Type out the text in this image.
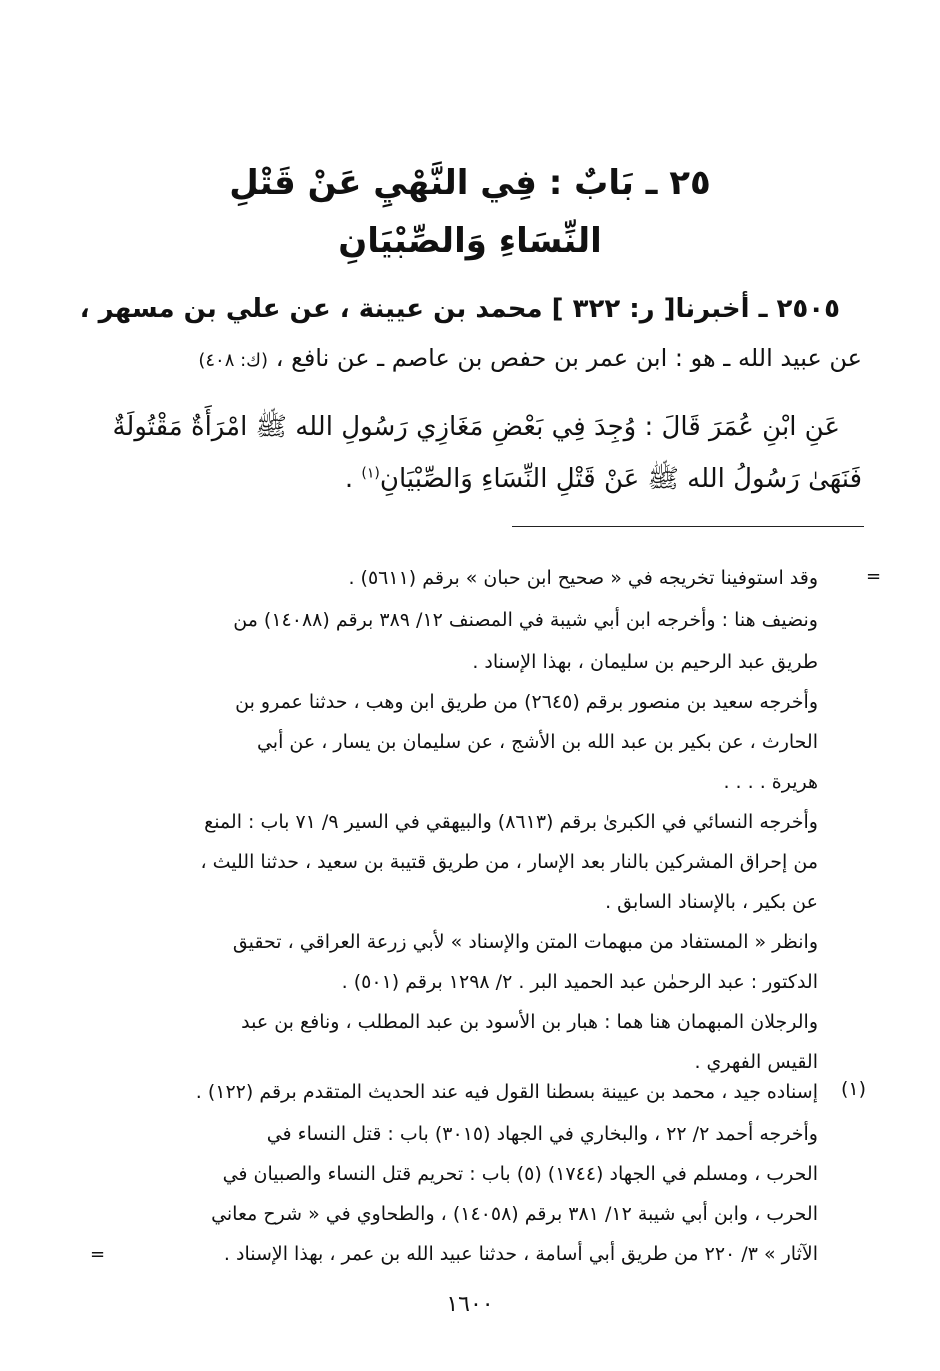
٢٥ ـ بَابٌ : فِي النَّهْيِ عَنْ قَتْلِ
النِّسَاءِ وَالصِّبْيَانِ
٢٥٠٥ ـ أخبرنا[ ر: ٣٢٢ ] محمد بن عيينة ، عن علي بن مسهر ،
عن عبيد الله ـ هو : ابن عمر بن حفص بن عاصم ـ عن نافع ، (ك: ٤٠٨)
عَنِ ابْنِ عُمَرَ قَالَ : وُجِدَ فِي بَعْضِ مَغَازِي رَسُولِ الله ﷺ امْرَأَةٌ مَقْتُولَةٌ
فَنَهَىٰ رَسُولُ الله ﷺ عَنْ قَتْلِ النِّسَاءِ وَالصِّبْيَانِ$^{(١)}$ .
=
وقد استوفينا تخريجه في « صحيح ابن حبان » برقم (٥٦١١) .
ونضيف هنا : وأخرجه ابن أبي شيبة في المصنف ١٢/ ٣٨٩ برقم (١٤٠٨٨) من
طريق عبد الرحيم بن سليمان ، بهذا الإسناد .
وأخرجه سعيد بن منصور برقم (٢٦٤٥) من طريق ابن وهب ، حدثنا عمرو بن
الحارث ، عن بكير بن عبد الله بن الأشج ، عن سليمان بن يسار ، عن أبي
هريرة . . . .
وأخرجه النسائي في الكبرىٰ برقم (٨٦١٣) والبيهقي في السير ٩/ ٧١ باب : المنع
من إحراق المشركين بالنار بعد الإسار ، من طريق قتيبة بن سعيد ، حدثنا الليث ،
عن بكير ، بالإسناد السابق .
وانظر « المستفاد من مبهمات المتن والإسناد » لأبي زرعة العراقي ، تحقيق
الدكتور : عبد الرحمٰن عبد الحميد البر . ٢/ ١٢٩٨ برقم (٥٠١) .
والرجلان المبهمان هنا هما : هبار بن الأسود بن عبد المطلب ، ونافع بن عبد
القيس الفهري .
(١)
إسناده جيد ، محمد بن عيينة بسطنا القول فيه عند الحديث المتقدم برقم (١٢٢) .
وأخرجه أحمد ٢/ ٢٢ ، والبخاري في الجهاد (٣٠١٥) باب : قتل النساء في
الحرب ، ومسلم في الجهاد (١٧٤٤) (٥) باب : تحريم قتل النساء والصبيان في
الحرب ، وابن أبي شيبة ١٢/ ٣٨١ برقم (١٤٠٥٨) ، والطحاوي في « شرح معاني
الآثار » ٣/ ٢٢٠ من طريق أبي أسامة ، حدثنا عبيد الله بن عمر ، بهذا الإسناد .
=
١٦٠٠
